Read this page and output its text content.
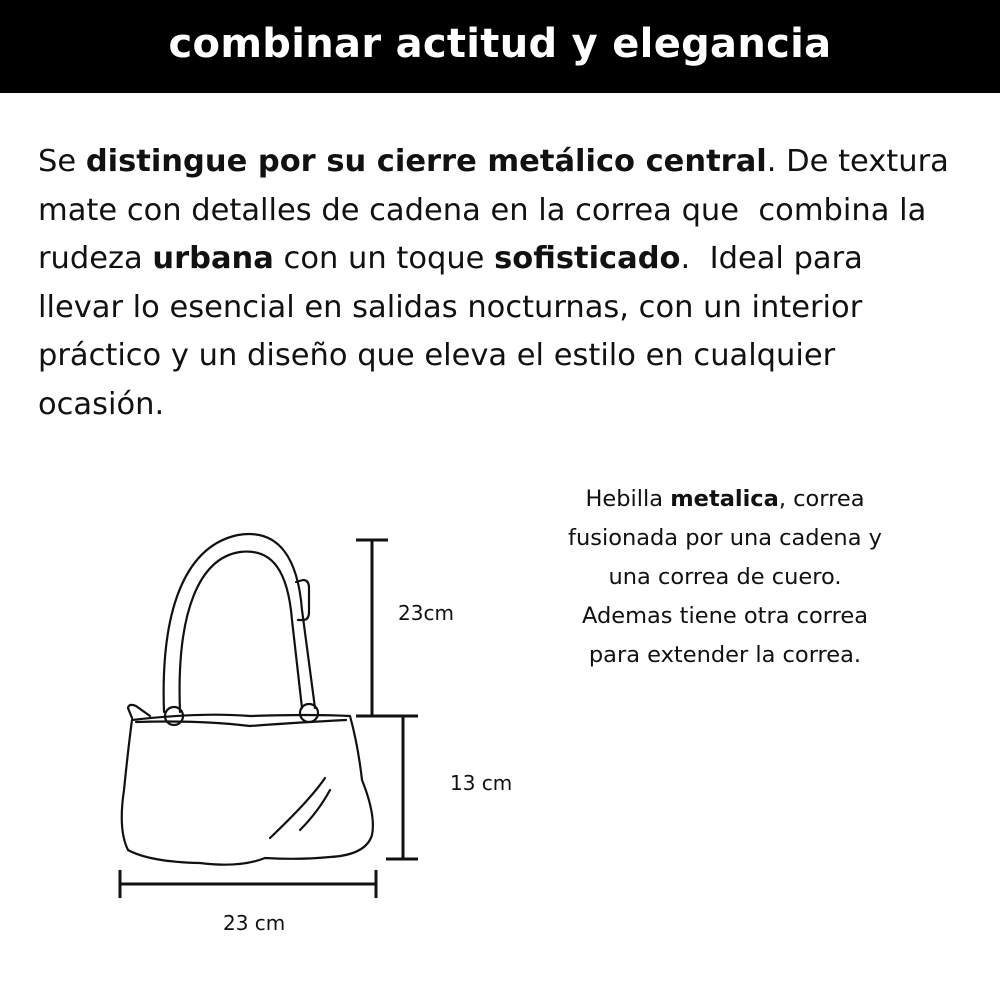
combinar actitud y elegancia

Se distingue por su cierre metálico central. De textura
mate con detalles de cadena en la correa que  combina la
rudeza urbana con un toque sofisticado.  Ideal para
llevar lo esencial en salidas nocturnas, con un interior
práctico y un diseño que eleva el estilo en cualquier
ocasión.

Hebilla metalica, correa
fusionada por una cadena y
una correa de cuero.
Ademas tiene otra correa
para extender la correa.

23cm
13 cm
23 cm
